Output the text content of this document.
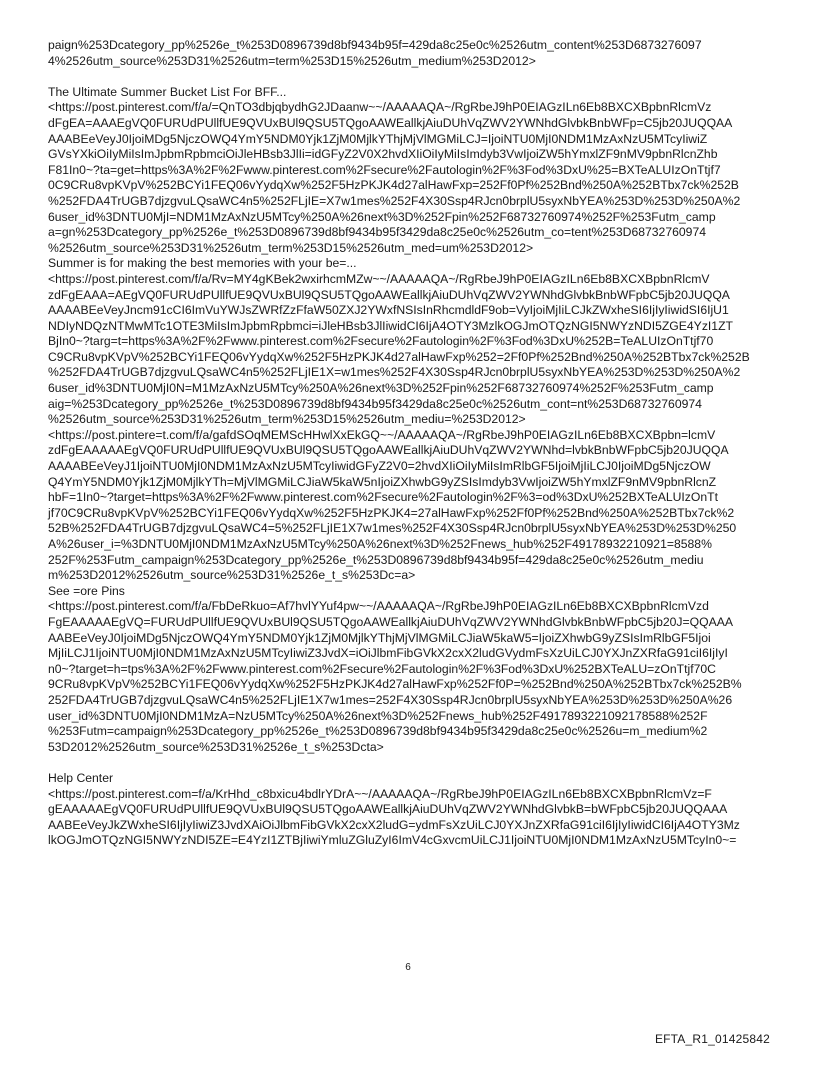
paign%253Dcategory_pp%2526e_t%253D0896739d8bf9434b95f=429da8c25e0c%2526utm_content%253D6873276097
4%2526utm_source%253D31%2526utm=term%253D15%2526utm_medium%253D2012>
The Ultimate Summer Bucket List For BFF...
<https://post.pinterest.com/f/a/=QnTO3dbjqbydhG2JDaanw~~/AAAAAQA~/RgRbeJ9hP0EIAGzILn6Eb8BXCXBpbnRlcmVz
dFgEA=AAAEgVQ0FURUdPUllfUE9QVUxBUl9QSU5TQgoAAWEallkjAiuDUhVqZWV2YWNhdGlvbkBnbWFp=C5jb20JUQQAA
AAABEeVeyJ0IjoiMDg5NjczOWQ4YmY5NDM0Yjk1ZjM0MjlkYThjMjVlMGMiLCJ=IjoiNTU0MjI0NDM1MzAxNzU5MTcyIiwiZ
GVsYXkiOiIyMiIsImJpbmRpbmciOiJleHBsb3JlIi=idGFyZ2V0X2hvdXIiOiIyMiIsImdyb3VwIjoiZW5hYmxlZF9nMV9pbnRlcnZhb
F81In0~?ta=get=https%3A%2F%2Fwww.pinterest.com%2Fsecure%2Fautologin%2F%3Fod%3DxU%25=BXTeALUIzOnTtjf7
0C9CRu8vpKVpV%252BCYi1FEQ06vYydqXw%252F5HzPKJK4d27alHawFxp=252Ff0Pf%252Bnd%250A%252BTbx7ck%252B
%252FDA4TrUGB7djzgvuLQsaWC4n5%252FLjIE=X7w1mes%252F4X30Ssp4RJcn0brplU5syxNbYEA%253D%253D%250A%2
6user_id%3DNTU0MjI=NDM1MzAxNzU5MTcy%250A%26next%3D%252Fpin%252F68732760974%252F%253Futm_camp
a=gn%253Dcategory_pp%2526e_t%253D0896739d8bf9434b95f3429da8c25e0c%2526utm_co=tent%253D68732760974
%2526utm_source%253D31%2526utm_term%253D15%2526utm_med=um%253D2012>
Summer is for making the best memories with your be=...
<https://post.pinterest.com/f/a/Rv=MY4gKBek2wxirhcmMZw~~/AAAAAQA~/RgRbeJ9hP0EIAGzILn6Eb8BXCXBpbnRlcmV
zdFgEAAA=AEgVQ0FURUdPUllfUE9QVUxBUl9QSU5TQgoAAWEallkjAiuDUhVqZWV2YWNhdGlvbkBnbWFpbC5jb20JUQQA
AAAABEeVeyJncm91cCI6ImVuYWJsZWRfZzFfaW50ZXJ2YWxfNSIsInRhcmdldF9ob=VyIjoiMjIiLCJkZWxheSI6IjIyIiwidSI6IjU1
NDIyNDQzNTMwMTc1OTE3MiIsImJpbmRpbmci=iJleHBsb3JlIiwidCI6IjA4OTY3MzlkOGJmOTQzNGI5NWYzNDI5ZGE4YzI1ZT
BjIn0~?targ=t=https%3A%2F%2Fwww.pinterest.com%2Fsecure%2Fautologin%2F%3Fod%3DxU%252B=TeALUIzOnTtjf70
C9CRu8vpKVpV%252BCYi1FEQ06vYydqXw%252F5HzPKJK4d27alHawFxp%252=2Ff0Pf%252Bnd%250A%252BTbx7ck%252B
%252FDA4TrUGB7djzgvuLQsaWC4n5%252FLjIE1X=w1mes%252F4X30Ssp4RJcn0brplU5syxNbYEA%253D%253D%250A%2
6user_id%3DNTU0MjI0N=M1MzAxNzU5MTcy%250A%26next%3D%252Fpin%252F68732760974%252F%253Futm_camp
aig=%253Dcategory_pp%2526e_t%253D0896739d8bf9434b95f3429da8c25e0c%2526utm_cont=nt%253D68732760974
%2526utm_source%253D31%2526utm_term%253D15%2526utm_mediu=%253D2012>
<https://post.pintere=t.com/f/a/gafdSOqMEMScHHwlXxEkGQ~~/AAAAAQA~/RgRbeJ9hP0EIAGzILn6Eb8BXCXBpbn=lcmV
zdFgEAAAAAEgVQ0FURUdPUllfUE9QVUxBUl9QSU5TQgoAAWEallkjAiuDUhVqZWV2YWNhd=lvbkBnbWFpbC5jb20JUQQA
AAAABEeVeyJ1IjoiNTU0MjI0NDM1MzAxNzU5MTcyIiwidGFyZ2V0=2hvdXIiOiIyMiIsImRlbGF5IjoiMjIiLCJ0IjoiMDg5NjczOW
Q4YmY5NDM0Yjk1ZjM0MjlkYTh=MjVlMGMiLCJiaW5kaW5nIjoiZXhwbG9yZSIsImdyb3VwIjoiZW5hYmxlZF9nMV9pbnRlcnZ
hbF=1In0~?target=https%3A%2F%2Fwww.pinterest.com%2Fsecure%2Fautologin%2F%3=od%3DxU%252BXTeALUIzOnTt
jf70C9CRu8vpKVpV%252BCYi1FEQ06vYydqXw%252F5HzPKJK4=27alHawFxp%252Ff0Pf%252Bnd%250A%252BTbx7ck%2
52B%252FDA4TrUGB7djzgvuLQsaWC4=5%252FLjIE1X7w1mes%252F4X30Ssp4RJcn0brplU5syxNbYEA%253D%253D%250
A%26user_i=%3DNTU0MjI0NDM1MzAxNzU5MTcy%250A%26next%3D%252Fnews_hub%252F49178932210921=8588%
252F%253Futm_campaign%253Dcategory_pp%2526e_t%253D0896739d8bf9434b95f=429da8c25e0c%2526utm_mediu
m%253D2012%2526utm_source%253D31%2526e_t_s%253Dc=a>
See =ore Pins
<https://post.pinterest.com/f/a/FbDeRkuo=Af7hvlYYuf4pw~~/AAAAAQA~/RgRbeJ9hP0EIAGzILn6Eb8BXCXBpbnRlcmVzd
FgEAAAAAEgVQ=FURUdPUllfUE9QVUxBUl9QSU5TQgoAAWEallkjAiuDUhVqZWV2YWNhdGlvbkBnbWFpbC5jb20J=QQAAA
AABEeVeyJ0IjoiMDg5NjczOWQ4YmY5NDM0Yjk1ZjM0MjlkYThjMjVlMGMiLCJiaW5kaW5=IjoiZXhwbG9yZSIsImRlbGF5Ijoi
MjIiLCJ1IjoiNTU0MjI0NDM1MzAxNzU5MTcyIiwiZ3JvdX=iOiJlbmFibGVkX2cxX2ludGVydmFsXzUiLCJ0YXJnZXRfaG91ciI6IjIyI
n0~?target=h=tps%3A%2F%2Fwww.pinterest.com%2Fsecure%2Fautologin%2F%3Fod%3DxU%252BXTeALU=zOnTtjf70C
9CRu8vpKVpV%252BCYi1FEQ06vYydqXw%252F5HzPKJK4d27alHawFxp%252Ff0P=%252Bnd%250A%252BTbx7ck%252B%
252FDA4TrUGB7djzgvuLQsaWC4n5%252FLjIE1X7w1mes=252F4X30Ssp4RJcn0brplU5syxNbYEA%253D%253D%250A%26
user_id%3DNTU0MjI0NDM1MzA=NzU5MTcy%250A%26next%3D%252Fnews_hub%252F4917893221092178588%252F
%253Futm=campaign%253Dcategory_pp%2526e_t%253D0896739d8bf9434b95f3429da8c25e0c%2526u=m_medium%2
53D2012%2526utm_source%253D31%2526e_t_s%253Dcta>
Help Center
<https://post.pinterest.com=f/a/KrHhd_c8bxicu4bdlrYDrA~~/AAAAAQA~/RgRbeJ9hP0EIAGzILn6Eb8BXCXBpbnRlcmVz=F
gEAAAAAEgVQ0FURUdPUllfUE9QVUxBUl9QSU5TQgoAAWEallkjAiuDUhVqZWV2YWNhdGlvbkB=bWFpbC5jb20JUQQAAA
AABEeVeyJkZWxheSI6IjIyIiwiZ3JvdXAiOiJlbmFibGVkX2cxX2ludG=ydmFsXzUiLCJ0YXJnZXRfaG91ciI6IjIyIiwidCI6IjA4OTY3Mz
lkOGJmOTQzNGI5NWYzNDI5ZE=E4YzI1ZTBjIiwiYmluZGluZyI6ImV4cGxvcmUiLCJ1IjoiNTU0MjI0NDM1MzAxNzU5MTcyIn0~=
6
EFTA_R1_01425842
